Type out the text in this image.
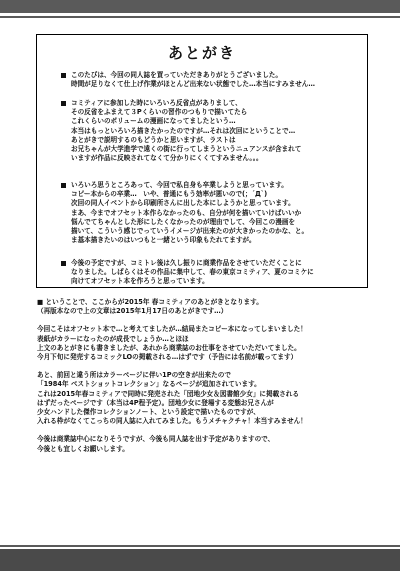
あとがき
このたびは、今回の同人誌を買っていただきありがとうございました。
時間が足りなくて仕上げ作業がほとんど出来ない状態でした…本当にすみません…
コミティアに参加した時にいろいろ反省点がありまして、
その反省をふまえて３Pくらいの習作のつもりで描いてたら
これくらいのボリュームの漫画になってましたという…
本当はもっといろいろ描きたかったのですが…それは次回にということで…
あとがきで説明するのもどうかと思いますが、ラストは
お兄ちゃんが大学進学で遠くの街に行ってしまうというニュアンスが含まれて
いますが作品に反映されてなくて分かりにくくてすみません。。。
いろいろ思うところあって、今回で私自身も卒業しようと思っています。
コピー本からの卒業…　いや、普通にもう効率が悪いので(；´Д`)
次回の同人イベントから印刷所さんに出した本にしようかと思っています。
まあ、今までオフセット本作らなかったのも、自分が何を描いていけばいいか
悩んでてちゃんとした形にしたくなかったのが理由でして、今回この漫画を
描いて、こういう感じでっていうイメージが出来たのが大きかったのかな、と。
ま基本描きたいのはいつもと一緒という印象もたれてますが。
今後の予定ですが、コミトレ後は久し振りに商業作品をさせていただくことに
なりました。しばらくはその作品に集中して、春の東京コミティア、夏のコミケに
向けてオフセット本を作ろうと思っています。
■ ということで、ここからが2015年 春コミティアのあとがきとなります。
（再版本なので上の文章は2015年1月17日のあとがきです…）
今回こそはオフセット本で…と考えてましたが…結局またコピー本になってしまいました！
表紙がカラーになったのが成長でしょうか…とほほ
上文のあとがきにも書きましたが、あれから商業誌のお仕事をさせていただいてました。
今月下旬に発売するコミックLOの掲載される…はずです（予告には名前が載ってます）
あと、前回と違う所はカラーページに伴い1Pの空きが出来たので
「1984年 ベストショットコレクション」なるページが追加されています。
これは2015年春コミティアで同時に発売された「団地少女＆図書館少女」に掲載される
はずだったページです（本当は4P程予定）。団地少女に登場する変態お兄さんが
少女ハンドした傑作コレクションノート、という設定で描いたものですが、
入れる枠がなくてこっちの同人誌に入れてみました。もうメチャクチャ！本当すみません！
今後は商業誌中心になりそうですが、今後も同人誌を出す予定がありますので、
今後とも宜しくお願いします。
